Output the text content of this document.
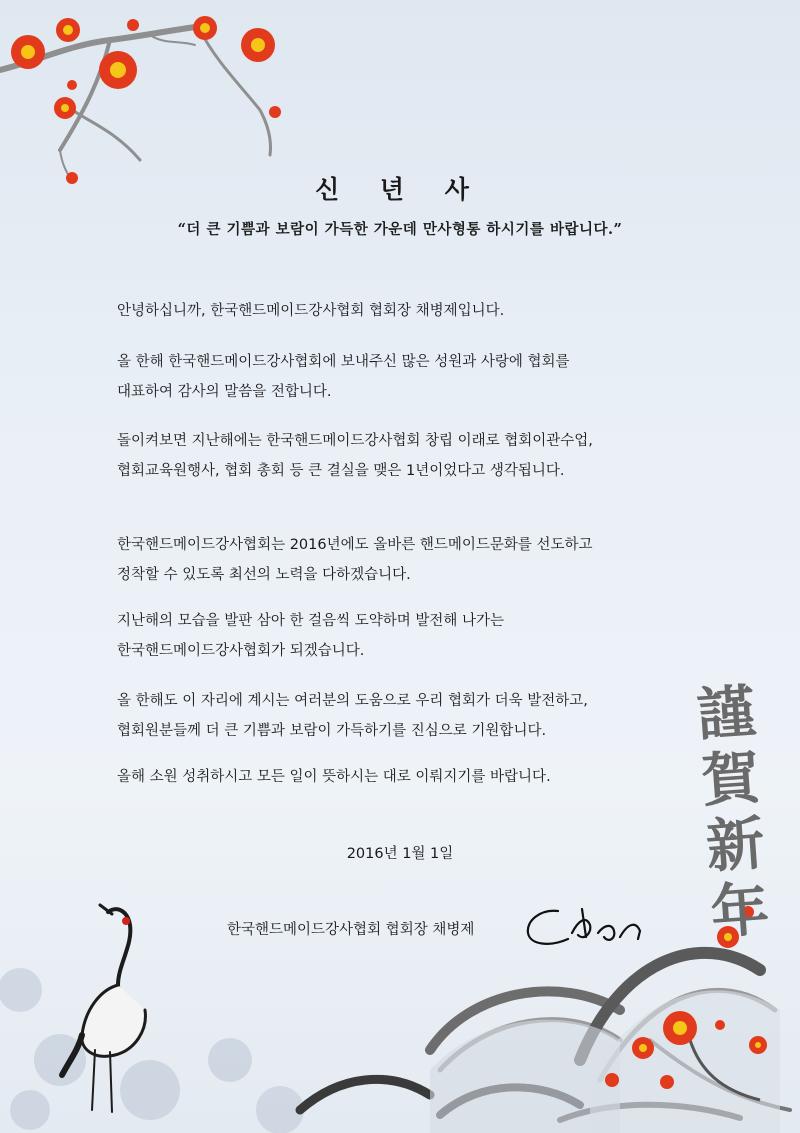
신 년 사
“더 큰 기쁨과 보람이 가득한 가운데 만사형통 하시기를 바랍니다.”

안녕하십니까, 한국핸드메이드강사협회 협회장 채병제입니다.

올 한해 한국핸드메이드강사협회에 보내주신 많은 성원과 사랑에 협회를
대표하여 감사의 말씀을 전합니다.

돌이켜보면 지난해에는 한국핸드메이드강사협회 창립 이래로 협회이관수업,
협회교육원행사, 협회 총회 등 큰 결실을 맺은 1년이었다고 생각됩니다.

한국핸드메이드강사협회는 2016년에도 올바른 핸드메이드문화를 선도하고
정착할 수 있도록 최선의 노력을 다하겠습니다.

지난해의 모습을 발판 삼아 한 걸음씩 도약하며 발전해 나가는
한국핸드메이드강사협회가 되겠습니다.

올 한해도 이 자리에 계시는 여러분의 도움으로 우리 협회가 더욱 발전하고,
협회원분들께 더 큰 기쁨과 보람이 가득하기를 진심으로 기원합니다.

올해 소원 성취하시고 모든 일이 뜻하시는 대로 이뤄지기를 바랍니다.

2016년 1월 1일
한국핸드메이드강사협회 협회장 채병제
謹
賀
新
年
